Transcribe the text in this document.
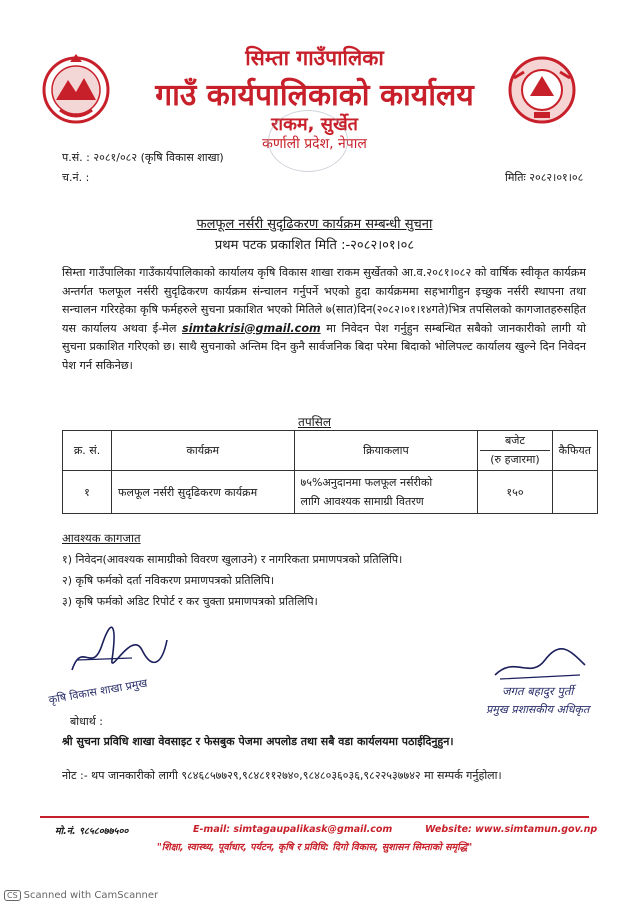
सिम्ता गाउँपालिका
गाउँ कार्यपालिकाको कार्यालय
राकम, सुर्खेत
कर्णाली प्रदेश, नेपाल
प.सं. : २०८१/०८२ (कृषि विकास शाखा)
च.नं. :	मितिः २०८२।०१।०८
फलफूल नर्सरी सुदृढिकरण कार्यक्रम सम्बन्धी सुचना
प्रथम पटक प्रकाशित मिति :-२०८२।०१।०८
सिम्ता गाउँपालिका गाउँकार्यपालिकाको कार्यालय कृषि विकास शाखा राकम सुर्खेतको आ.व.२०८१।०८२ को वार्षिक स्वीकृत कार्यक्रम अन्तर्गत फलफूल नर्सरी सुदृढिकरण कार्यक्रम संन्चालन गर्नुपर्ने भएको हुदा कार्यक्रममा सहभागीहुन इच्छुक नर्सरी स्थापना तथा सन्चालन गरिरहेका कृषि फर्महरुले सुचना प्रकाशित भएको मितिले ७(सात)दिन(२०८२।०१।१४गते)भित्र तपसिलको कागजातहरुसहित यस कार्यालय अथवा ई-मेल simtakrisi@gmail.com मा निवेदन पेश गर्नुहुन सम्बन्धित सबैको जानकारीको लागी यो सुचना प्रकाशित गरिएको छ। साथै सुचनाको अन्तिम दिन कुनै सार्वजनिक बिदा परेमा बिदाको भोलिपल्ट कार्यालय खुल्ने दिन निवेदन पेश गर्न सकिनेछ।
तपसिल
क्र. सं.	कार्यक्रम	क्रियाकलाप	बजेट
(रु हजारमा)	कैफियत
१	फलफूल नर्सरी सुदृढिकरण कार्यक्रम	७५%अनुदानमा फलफूल नर्सरीको
लागि आवश्यक सामाग्री वितरण	१५०	
आवश्यक कागजात
१) निवेदन(आवश्यक सामाग्रीको विवरण खुलाउने) र नागरिकता प्रमाणपत्रको प्रतिलिपि।
२) कृषि फर्मको दर्ता नविकरण प्रमाणपत्रको प्रतिलिपि।
३) कृषि फर्मको अडिट रिपोर्ट र कर चुक्ता प्रमाणपत्रको प्रतिलिपि।
कृषि विकास शाखा प्रमुख	जगत बहादुर पुर्ती
प्रमुख प्रशासकीय अधिकृत
बोधार्थ :
श्री सुचना प्रविधि शाखा वेवसाइट र फेसबुक पेजमा अपलोड तथा सबै वडा कार्यलयमा पठाईदिनुहुन।
नोट :- थप जानकारीको लागी ९८४६८५७७२९,९८४८११२७४०,९८४८०३६०३६,९८२२५३७७४२ मा सम्पर्क गर्नुहोला।
मो.नं. ९८५८०७७५००	E-mail: simtagaupalikask@gmail.com	Website: www.simtamun.gov.np
"शिक्षा, स्वास्थ्य, पूर्वाधार, पर्यटन, कृषि र प्रविधि: दिगो विकास, सुशासन सिम्ताको समृद्धि"
CS Scanned with CamScanner
